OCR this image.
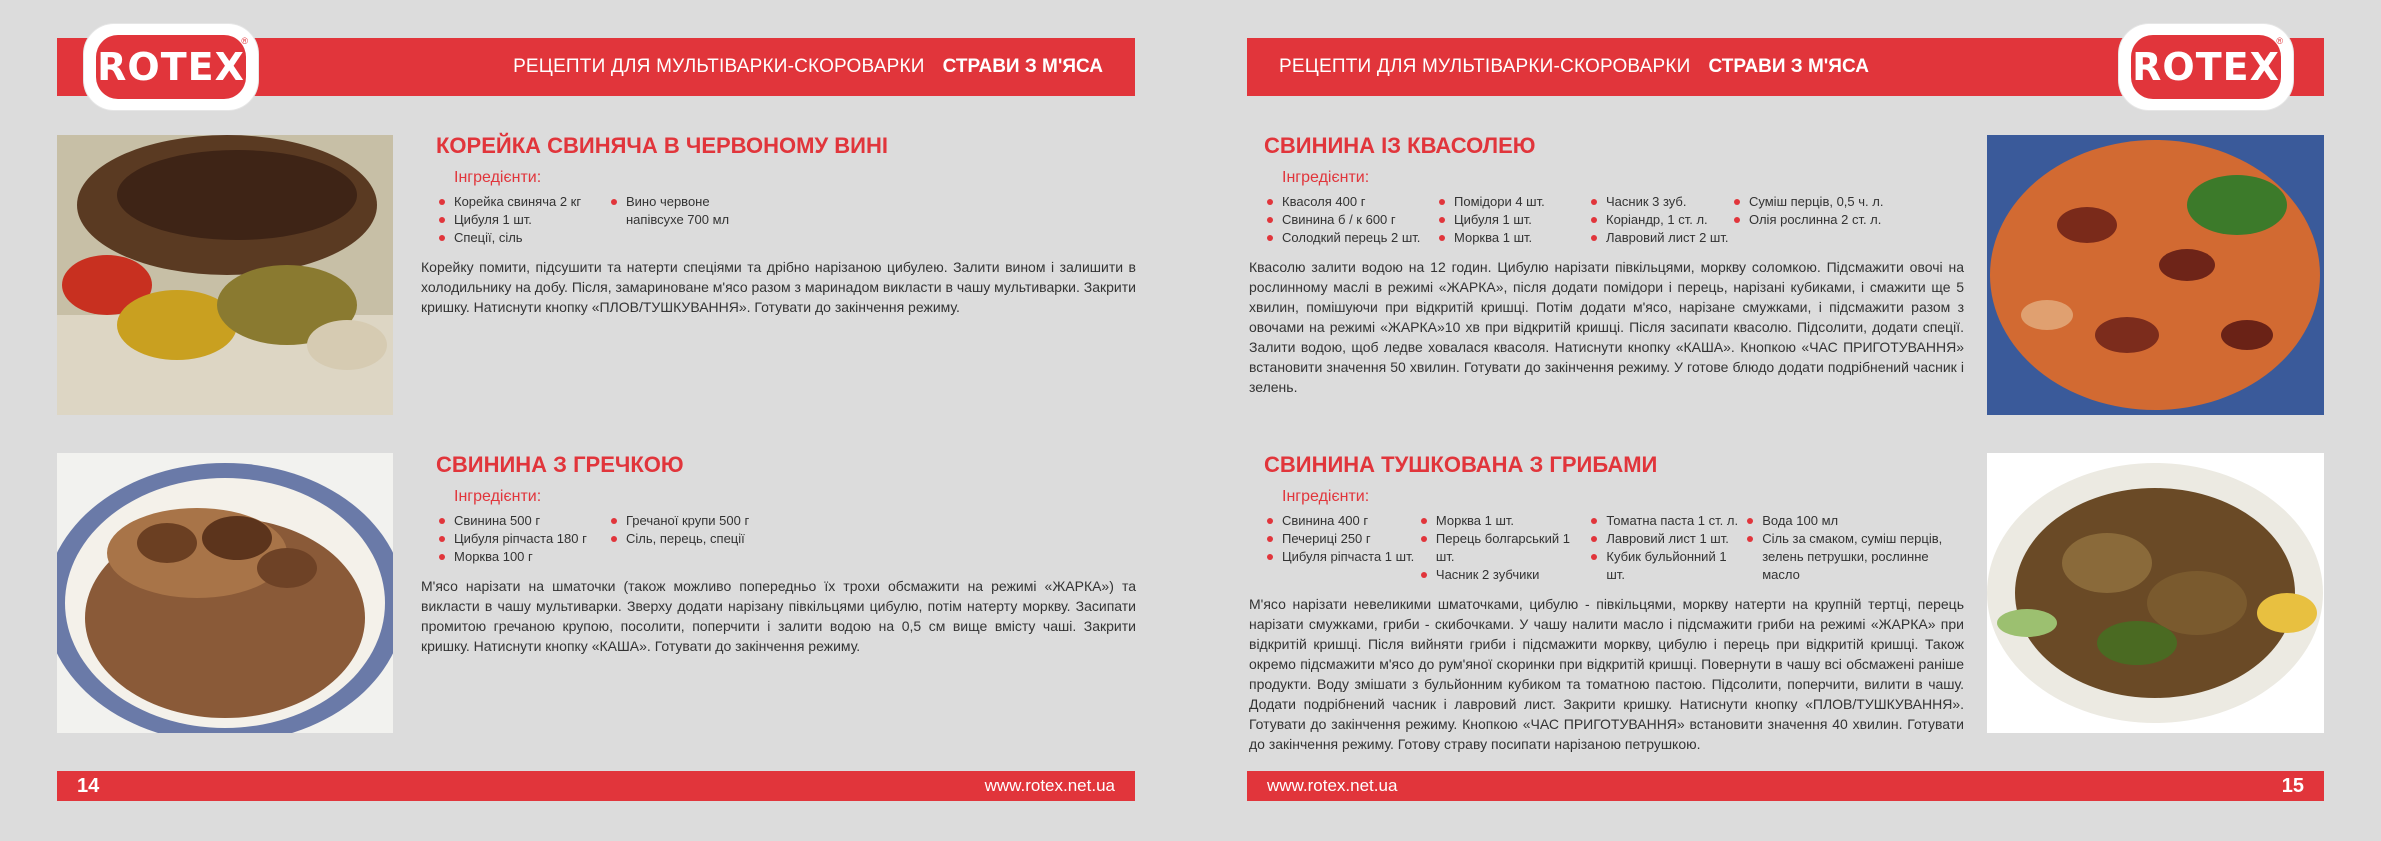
РЕЦЕПТИ ДЛЯ МУЛЬТІВАРКИ-СКОРОВАРКИ СТРАВИ З М'ЯСА	РЕЦЕПТИ ДЛЯ МУЛЬТІВАРКИ-СКОРОВАРКИ СТРАВИ З М'ЯСА
ROTEX
®
ROTEX
®
КОРЕЙКА СВИНЯЧА В ЧЕРВОНОМУ ВИНІ
Інгредієнти:
Корейка свиняча 2 кг
Цибуля 1 шт.
Спеції, сіль
Вино червоне
напівсухе 700 мл
Корейку помити, підсушити та натерти спеціями та дрібно нарізаною цибулею. Залити вином і залишити в холодильнику на добу. Після, замариноване м'ясо разом з маринадом викласти в чашу мультиварки. Закрити кришку. Натиснути кнопку «ПЛОВ/ТУШКУВАННЯ». Готувати до закінчення режиму.
СВИНИНА З ГРЕЧКОЮ
Інгредієнти:
Свинина 500 г
Цибуля ріпчаста 180 г
Морква 100 г
Гречаної крупи 500 г
Сіль, перець, спеції
М'ясо нарізати на шматочки (також можливо попередньо їх трохи обсмажити на режимі «ЖАРКА») та викласти в чашу мультиварки. Зверху додати нарізану півкільцями цибулю, потім натерту моркву. Засипати промитою гречаною крупою, посолити, поперчити і залити водою на 0,5 см вище вмісту чаші. Закрити кришку. Натиснути кнопку «КАША». Готувати до закінчення режиму.
СВИНИНА ІЗ КВАСОЛЕЮ
Інгредієнти:
Квасоля 400 г
Свинина б / к 600 г
Солодкий перець 2 шт.
Помідори 4 шт.
Цибуля 1 шт.
Морква 1 шт.
Часник 3 зуб.
Коріандр, 1 ст. л.
Лавровий лист 2 шт.
Суміш перців, 0,5 ч. л.
Олія рослинна 2 ст. л.
Квасолю залити водою на 12 годин. Цибулю нарізати півкільцями, моркву соломкою. Підсмажити овочі на рослинному маслі в режимі «ЖАРКА», після додати помідори і перець, нарізані кубиками, і смажити ще 5 хвилин, помішуючи при відкритій кришці. Потім додати м'ясо, нарізане смужками, і підсмажити разом з овочами на режимі «ЖАРКА»10 хв при відкритій кришці. Після засипати квасолю. Підсолити, додати спеції. Залити водою, щоб ледве ховалася квасоля. Натиснути кнопку «КАША». Кнопкою «ЧАС ПРИГОТУВАННЯ» встановити значення 50 хвилин. Готувати до закінчення режиму. У готове блюдо додати подрібнений часник і зелень.
СВИНИНА ТУШКОВАНА З ГРИБАМИ
Інгредієнти:
Свинина 400 г
Печериці 250 г
Цибуля ріпчаста 1 шт.
Морква 1 шт.
Перець болгарський 1 шт.
Часник 2 зубчики
Томатна паста 1 ст. л.
Лавровий лист 1 шт.
Кубик бульйонний 1 шт.
Вода 100 мл
Сіль за смаком, суміш перців,
зелень петрушки, рослинне масло
М'ясо нарізати невеликими шматочками, цибулю - півкільцями, моркву натерти на крупній тертці, перець нарізати смужками, гриби - скибочками. У чашу налити масло і підсмажити гриби на режимі «ЖАРКА» при відкритій кришці. Після вийняти гриби і підсмажити моркву, цибулю і перець при відкритій кришці. Також окремо підсмажити м'ясо до рум'яної скоринки при відкритій кришці. Повернути в чашу всі обсмажені раніше продукти. Воду змішати з бульйонним кубиком та томатною пастою. Підсолити, поперчити, вилити в чашу. Додати подрібнений часник і лавровий лист. Закрити кришку. Натиснути кнопку «ПЛОВ/ТУШКУВАННЯ». Готувати до закінчення режиму. Кнопкою «ЧАС ПРИГОТУВАННЯ» встановити значення 40 хвилин. Готувати до закінчення режиму. Готову страву посипати нарізаною петрушкою.
14	www.rotex.net.ua	www.rotex.net.ua	15
